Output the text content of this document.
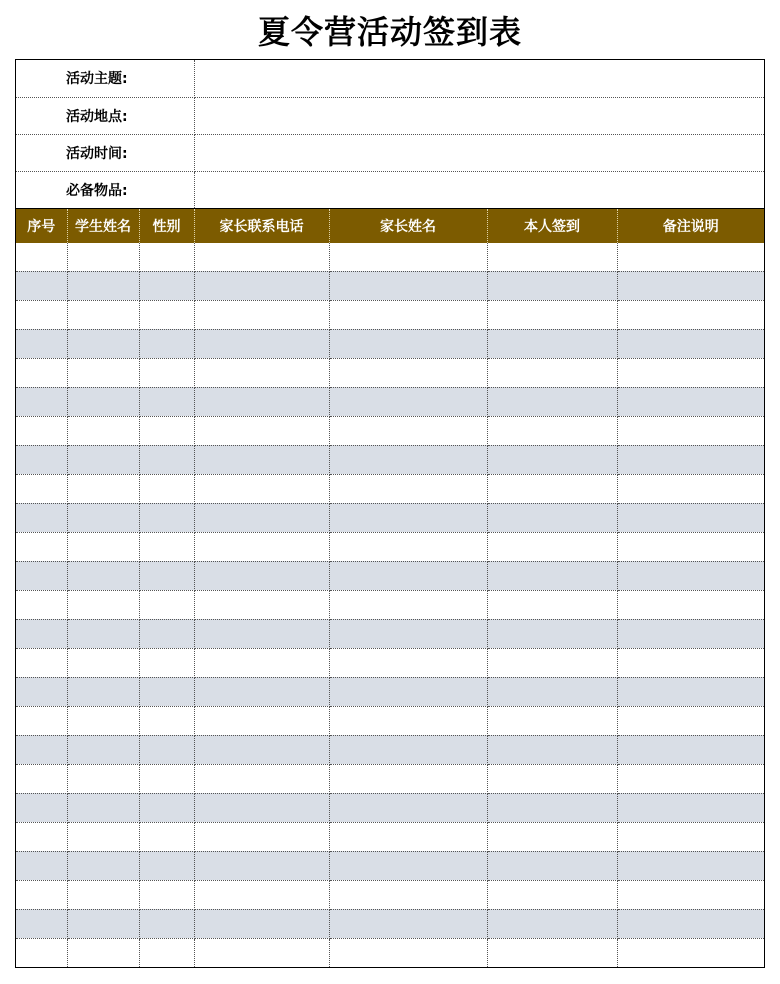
夏令营活动签到表
活动主题:	
活动地点:	
活动时间:	
必备物品:	
序号	学生姓名	性别	家长联系电话	家长姓名	本人签到	备注说明
